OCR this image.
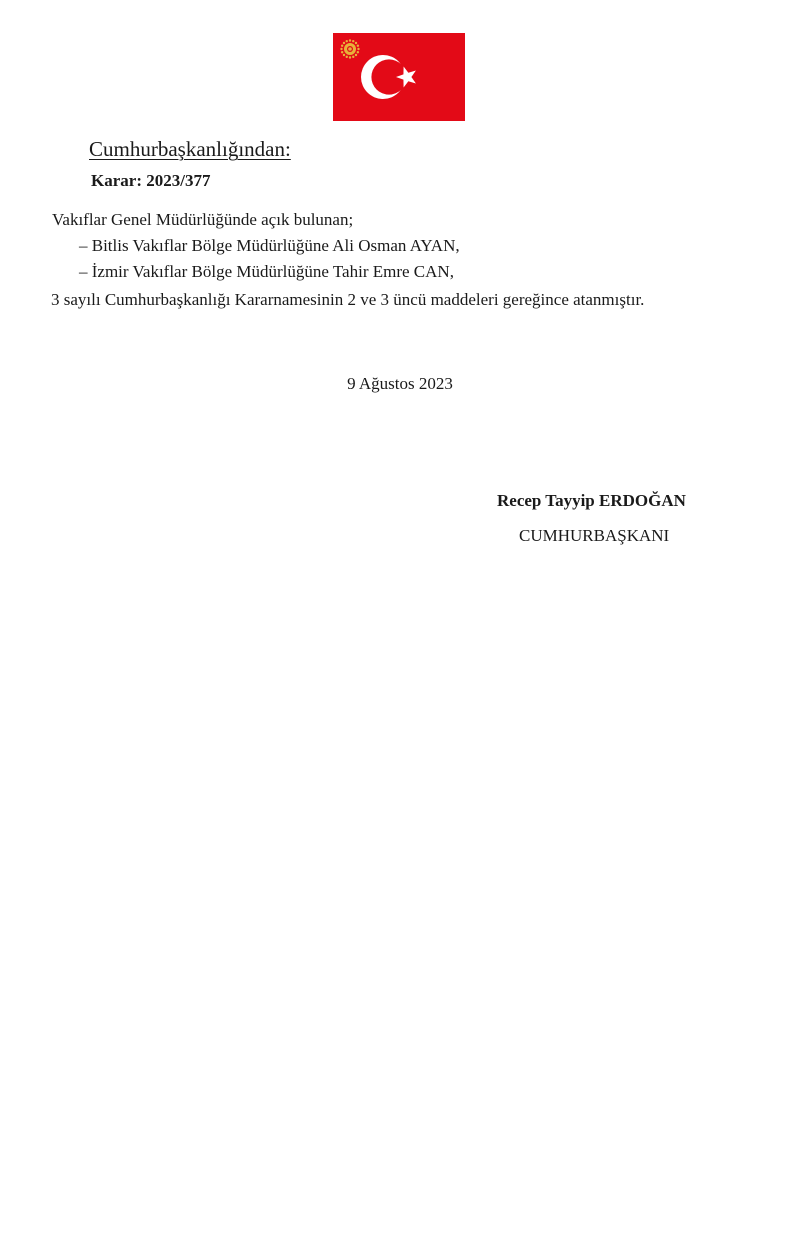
Cumhurbaşkanlığından:
Karar: 2023/377
Vakıflar Genel Müdürlüğünde açık bulunan;
– Bitlis Vakıflar Bölge Müdürlüğüne Ali Osman AYAN,
– İzmir Vakıflar Bölge Müdürlüğüne Tahir Emre CAN,
3 sayılı Cumhurbaşkanlığı Kararnamesinin 2 ve 3 üncü maddeleri gereğince atanmıştır.
9 Ağustos 2023
Recep Tayyip ERDOĞAN
CUMHURBAŞKANI
